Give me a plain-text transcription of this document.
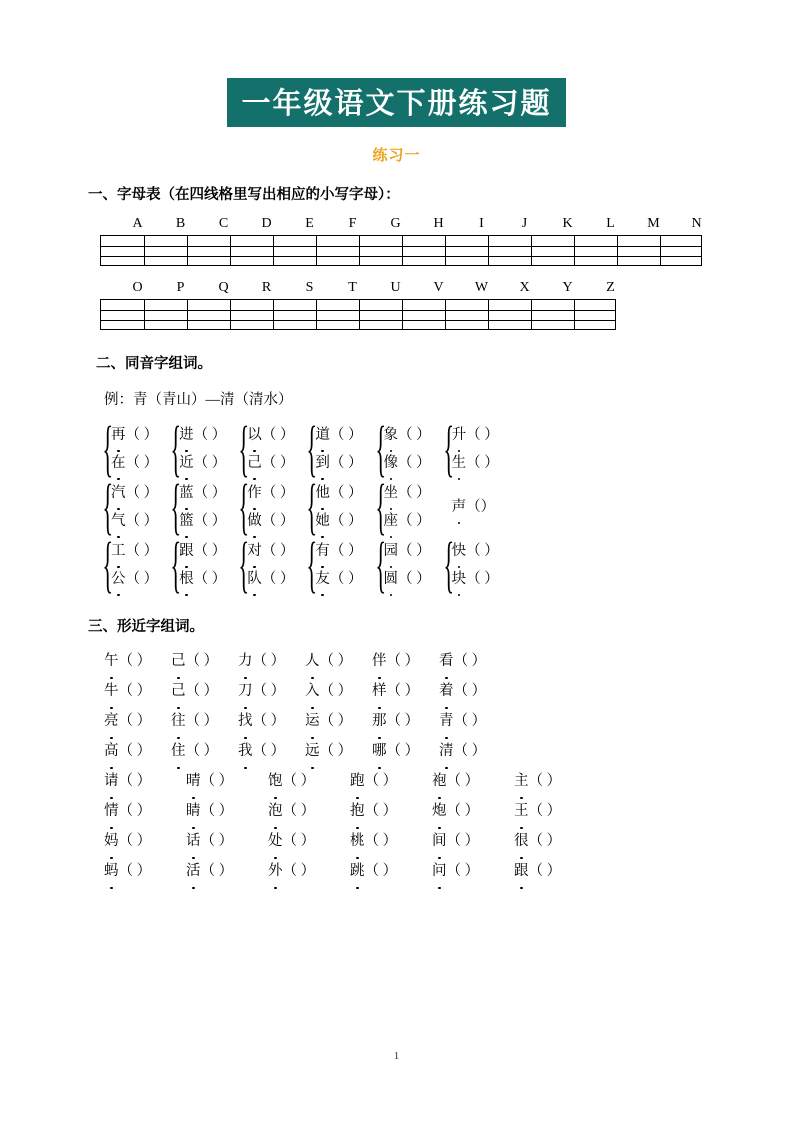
一年级语文下册练习题
练习一
一、字母表（在四线格里写出相应的小写字母）：
A	B	C	D	E	F	G	H	I	J	K	L	M	N
O	P	Q	R	S	T	U	V	W	X	Y	Z
二、同音字组词。
例：青（青山）—清（清水）
{
再（ ）
在（ ） {
进（ ）
近（ ） {
以（ ）
己（ ） {
道（ ）
到（ ） {
象（ ）
像（ ） {
升（ ）
生（ ）
{
汽（ ）
气（ ） {
蓝（ ）
篮（ ） {
作（ ）
做（ ） {
他（ ）
她（ ） {
坐（ ）
座（ ）
声（）
{
工（ ）
公（ ） {
跟（ ）
根（ ） {
对（ ）
队（ ） {
有（ ）
友（ ） {
园（ ）
圆（ ） {
快（ ）
块（ ）
三、形近字组词。
午（ ）	己（ ）	力（ ）	人（ ）	伴（ ）	看（ ）
牛（ ）	己（ ）	刀（ ）	入（ ）	样（ ）	着（ ）
亮（ ）	往（ ）	找（ ）	运（ ）	那（ ）	青（ ）
高（ ）	住（ ）	我（ ）	远（ ）	哪（ ）	清（ ）
请（ ）	晴（ ）	饱（ ）	跑（ ）	袍（ ）	主（ ）
情（ ）	睛（ ）	泡（ ）	抱（ ）	炮（ ）	王（ ）
妈（ ）	话（ ）	处（ ）	桃（ ）	间（ ）	很（ ）
蚂（ ）	活（ ）	外（ ）	跳（ ）	问（ ）	跟（ ）
1
